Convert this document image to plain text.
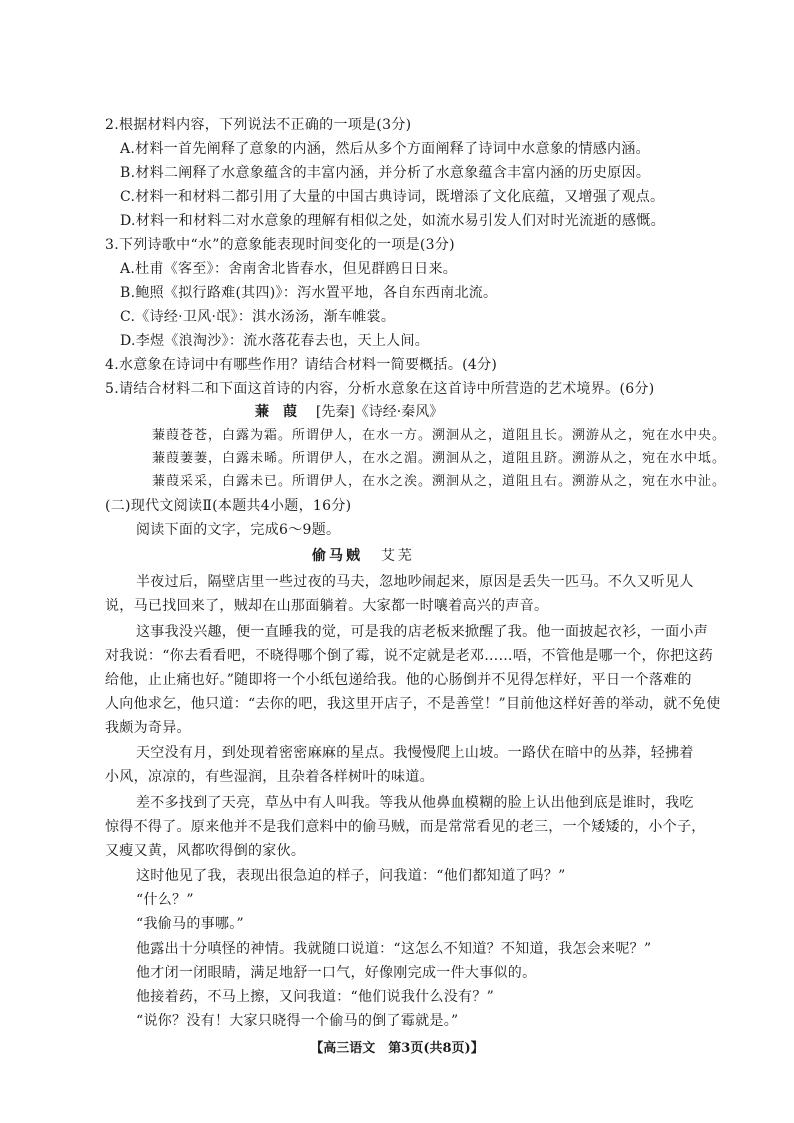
2.根据材料内容，下列说法不正确的一项是(3分)
A.材料一首先阐释了意象的内涵，然后从多个方面阐释了诗词中水意象的情感内涵。
B.材料二阐释了水意象蕴含的丰富内涵，并分析了水意象蕴含丰富内涵的历史原因。
C.材料一和材料二都引用了大量的中国古典诗词，既增添了文化底蕴，又增强了观点。
D.材料一和材料二对水意象的理解有相似之处，如流水易引发人们对时光流逝的感慨。
3.下列诗歌中“水”的意象能表现时间变化的一项是(3分)
A.杜甫《客至》：舍南舍北皆春水，但见群鸥日日来。
B.鲍照《拟行路难(其四)》：泻水置平地，各自东西南北流。
C.《诗经·卫风·氓》：淇水汤汤，渐车帷裳。
D.李煜《浪淘沙》：流水落花春去也，天上人间。
4.水意象在诗词中有哪些作用？请结合材料一简要概括。(4分)
5.请结合材料二和下面这首诗的内容，分析水意象在这首诗中所营造的艺术境界。(6分)
蒹　葭 [先秦]《诗经·秦风》
蒹葭苍苍，白露为霜。所谓伊人，在水一方。溯洄从之，道阻且长。溯游从之，宛在水中央。
蒹葭萋萋，白露未晞。所谓伊人，在水之湄。溯洄从之，道阻且跻。溯游从之，宛在水中坻。
蒹葭采采，白露未已。所谓伊人，在水之涘。溯洄从之，道阻且右。溯游从之，宛在水中沚。
(二)现代文阅读Ⅱ(本题共4小题，16分)
阅读下面的文字，完成6～9题。
偷马贼 艾芜
半夜过后，隔壁店里一些过夜的马夫，忽地吵闹起来，原因是丢失一匹马。不久又听见人
说，马已找回来了，贼却在山那面躺着。大家都一时嚷着高兴的声音。
这事我没兴趣，便一直睡我的觉，可是我的店老板来掀醒了我。他一面披起衣衫，一面小声
对我说：“你去看看吧，不晓得哪个倒了霉，说不定就是老邓……唔，不管他是哪一个，你把这药
给他，止止痛也好。”随即将一个小纸包递给我。他的心肠倒并不见得怎样好，平日一个落难的
人向他求乞，他只道：“去你的吧，我这里开店子，不是善堂！”目前他这样好善的举动，就不免使
我颇为奇异。
天空没有月，到处现着密密麻麻的星点。我慢慢爬上山坡。一路伏在暗中的丛莽，轻拂着
小风，凉凉的，有些湿润，且杂着各样树叶的味道。
差不多找到了天亮，草丛中有人叫我。等我从他鼻血模糊的脸上认出他到底是谁时，我吃
惊得不得了。原来他并不是我们意料中的偷马贼，而是常常看见的老三，一个矮矮的，小个子，
又瘦又黄，风都吹得倒的家伙。
这时他见了我，表现出很急迫的样子，问我道：“他们都知道了吗？”
“什么？”
“我偷马的事哪。”
他露出十分嗔怪的神情。我就随口说道：“这怎么不知道？不知道，我怎会来呢？”
他才闭一闭眼睛，满足地舒一口气，好像刚完成一件大事似的。
他接着药，不马上擦，又问我道：“他们说我什么没有？”
“说你？没有！大家只晓得一个偷马的倒了霉就是。”
【高三语文　第3页(共8页)】
